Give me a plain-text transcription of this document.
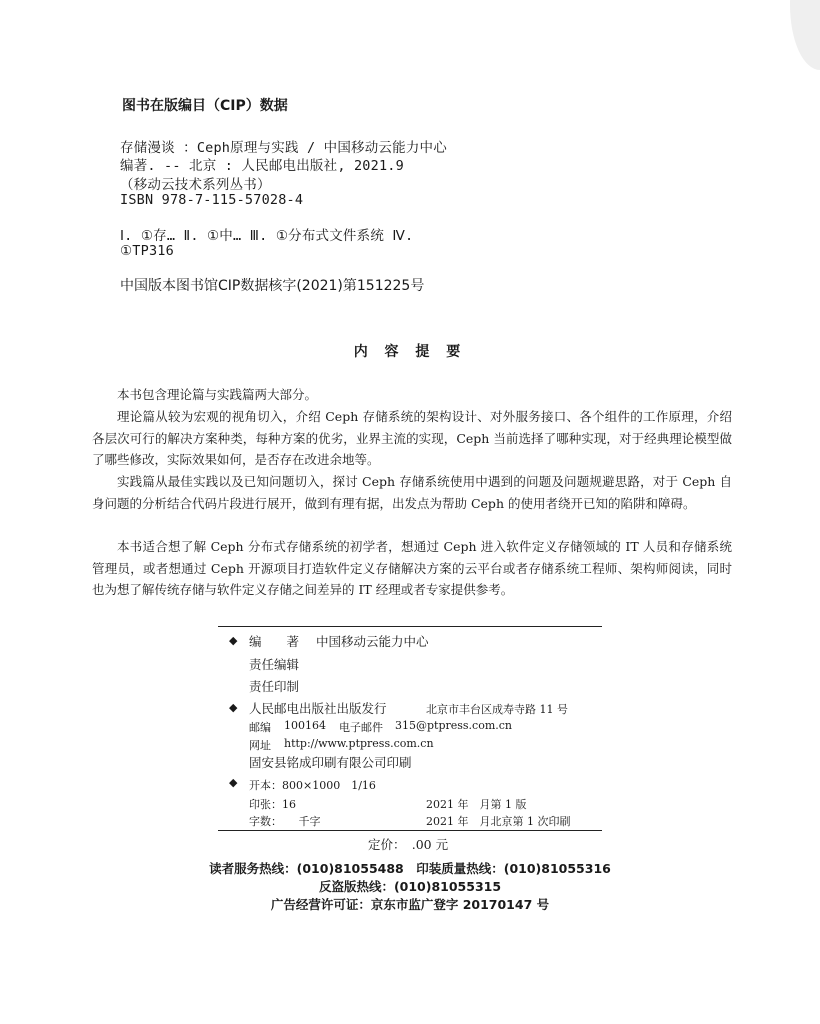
图书在版编目（CIP）数据
存储漫谈 ：Ceph原理与实践 / 中国移动云能力中心
编著. -- 北京 : 人民邮电出版社, 2021.9
（移动云技术系列丛书）
ISBN 978-7-115-57028-4
Ⅰ. ①存… Ⅱ. ①中… Ⅲ. ①分布式文件系统 Ⅳ.
①TP316
中国版本图书馆CIP数据核字(2021)第151225号
内 容 提 要
本书包含理论篇与实践篇两大部分。
理论篇从较为宏观的视角切入，介绍 Ceph 存储系统的架构设计、对外服务接口、各个组件的工作原理，介绍各层次可行的解决方案种类，每种方案的优劣，业界主流的实现，Ceph 当前选择了哪种实现，对于经典理论模型做了哪些修改，实际效果如何，是否存在改进余地等。
实践篇从最佳实践以及已知问题切入，探讨 Ceph 存储系统使用中遇到的问题及问题规避思路，对于 Ceph 自身问题的分析结合代码片段进行展开，做到有理有据，出发点为帮助 Ceph 的使用者绕开已知的陷阱和障碍。
本书适合想了解 Ceph 分布式存储系统的初学者，想通过 Ceph 进入软件定义存储领域的 IT 人员和存储系统管理员，或者想通过 Ceph 开源项目打造软件定义存储解决方案的云平台或者存储系统工程师、架构师阅读，同时也为想了解传统存储与软件定义存储之间差异的 IT 经理或者专家提供参考。
◆ 编　　著 中国移动云能力中心
责任编辑
责任印制
◆ 人民邮电出版社出版发行	北京市丰台区成寿寺路 11 号
邮编 100164 电子邮件 315@ptpress.com.cn
网址 http://www.ptpress.com.cn
固安县铭成印刷有限公司印刷
◆ 开本：800×1000　1/16
印张：16	2021 年　月第 1 版
字数：　　千字	2021 年　月北京第 1 次印刷
定价：　.00 元
读者服务热线：(010)81055488　印装质量热线：(010)81055316
反盗版热线：(010)81055315
广告经营许可证：京东市监广登字 20170147 号
